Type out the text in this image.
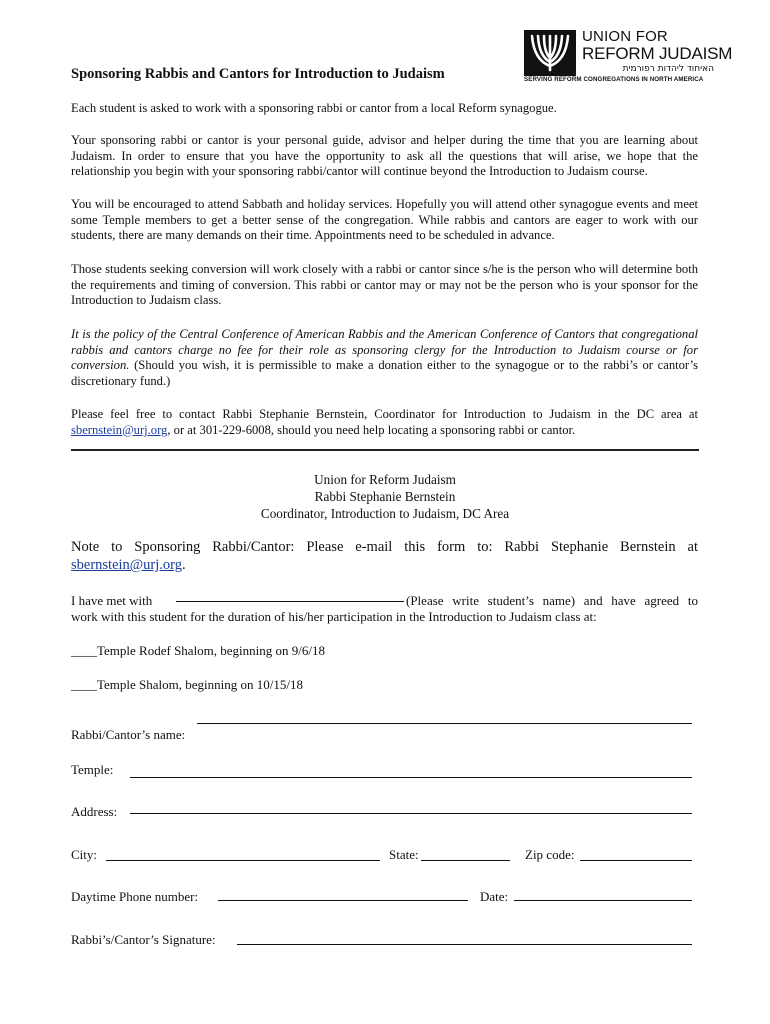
UNION FOR
REFORM JUDAISM
האיחוד ליהדות רפורמית
SERVING REFORM CONGREGATIONS IN NORTH AMERICA
Sponsoring Rabbis and Cantors for Introduction to Judaism

Each student is asked to work with a sponsoring rabbi or cantor from a local Reform synagogue.

Your sponsoring rabbi or cantor is your personal guide, advisor and helper during the time that you are learning about Judaism. In order to ensure that you have the opportunity to ask all the questions that will arise, we hope that the relationship you begin with your sponsoring rabbi/cantor will continue beyond the Introduction to Judaism course.

You will be encouraged to attend Sabbath and holiday services. Hopefully you will attend other synagogue events and meet some Temple members to get a better sense of the congregation. While rabbis and cantors are eager to work with our students, there are many demands on their time. Appointments need to be scheduled in advance.

Those students seeking conversion will work closely with a rabbi or cantor since s/he is the person who will determine both the requirements and timing of conversion. This rabbi or cantor may or may not be the person who is your sponsor for the Introduction to Judaism class.

It is the policy of the Central Conference of American Rabbis and the American Conference of Cantors that congregational rabbis and cantors charge no fee for their role as sponsoring clergy for the Introduction to Judaism course or for conversion. (Should you wish, it is permissible to make a donation either to the synagogue or to the rabbi’s or cantor’s discretionary fund.)

Please feel free to contact Rabbi Stephanie Bernstein, Coordinator for Introduction to Judaism in the DC area at sbernstein@urj.org, or at 301-229-6008, should you need help locating a sponsoring rabbi or cantor.

Union for Reform Judaism
Rabbi Stephanie Bernstein
Coordinator, Introduction to Judaism, DC Area
Note to Sponsoring Rabbi/Cantor: Please e-mail this form to: Rabbi Stephanie Bernstein at sbernstein@urj.org.
I have met with	(Please write student’s name) and have agreed to
work with this student for the duration of his/her participation in the Introduction to Judaism class at:
____Temple Rodef Shalom, beginning on 9/6/18
____Temple Shalom, beginning on 10/15/18
Rabbi/Cantor’s name:
Temple:
Address:
City:	State:	Zip code:
Daytime Phone number:	Date:
Rabbi’s/Cantor’s Signature:
